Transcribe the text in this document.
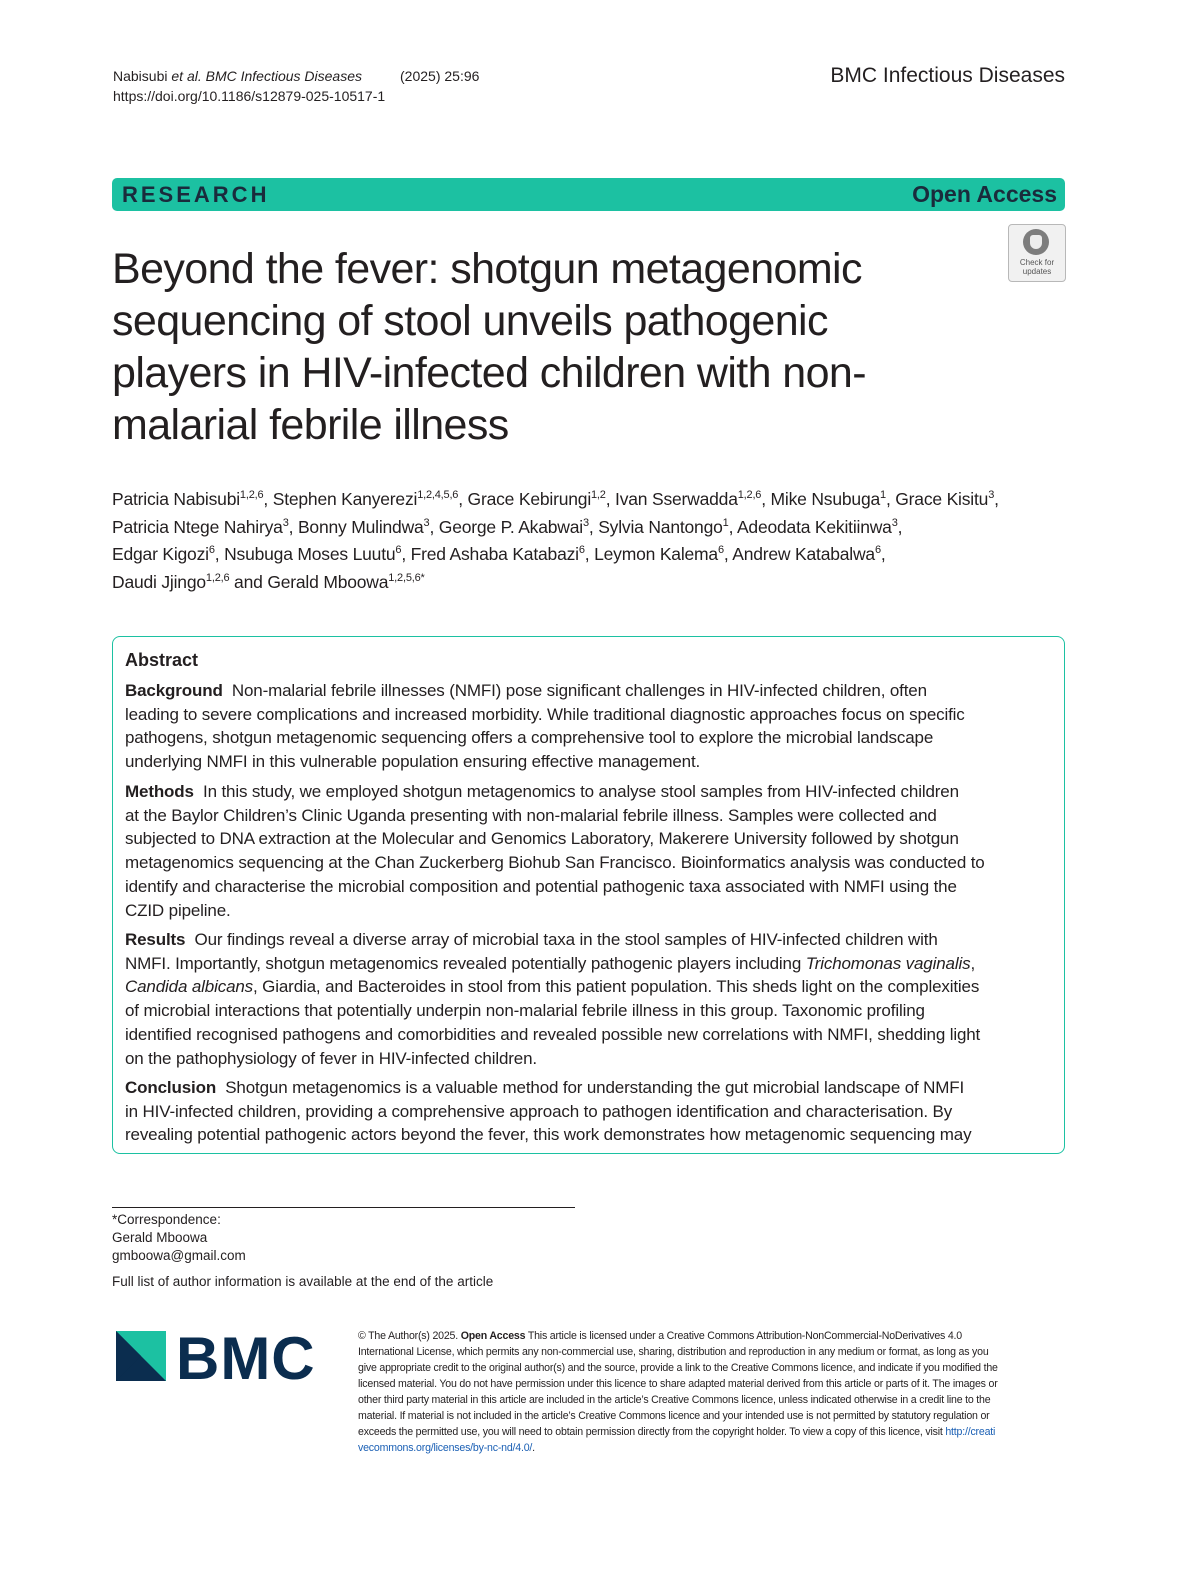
Nabisubi et al. BMC Infectious Diseases	(2025) 25:96
https://doi.org/10.1186/s12879-025-10517-1
BMC Infectious Diseases
RESEARCH	Open Access
Beyond the fever: shotgun metagenomic
sequencing of stool unveils pathogenic
players in HIV-infected children with non-
malarial febrile illness
Check for
updates
Patricia Nabisubi$^{1,2,6}$, Stephen Kanyerezi$^{1,2,4,5,6}$, Grace Kebirungi$^{1,2}$, Ivan Sserwadda$^{1,2,6}$, Mike Nsubuga$^1$, Grace Kisitu$^3$,
Patricia Ntege Nahirya$^3$, Bonny Mulindwa$^3$, George P. Akabwai$^3$, Sylvia Nantongo$^1$, Adeodata Kekitiinwa$^3$,
Edgar Kigozi$^6$, Nsubuga Moses Luutu$^6$, Fred Ashaba Katabazi$^6$, Leymon Kalema$^6$, Andrew Katabalwa$^6$,
Daudi Jjingo$^{1,2,6}$ and Gerald Mboowa$^{1,2,5,6*}$
Abstract
Background Non-malarial febrile illnesses (NMFI) pose significant challenges in HIV-infected children, often
leading to severe complications and increased morbidity. While traditional diagnostic approaches focus on specific
pathogens, shotgun metagenomic sequencing offers a comprehensive tool to explore the microbial landscape
underlying NMFI in this vulnerable population ensuring effective management.
Methods In this study, we employed shotgun metagenomics to analyse stool samples from HIV-infected children
at the Baylor Children’s Clinic Uganda presenting with non-malarial febrile illness. Samples were collected and
subjected to DNA extraction at the Molecular and Genomics Laboratory, Makerere University followed by shotgun
metagenomics sequencing at the Chan Zuckerberg Biohub San Francisco. Bioinformatics analysis was conducted to
identify and characterise the microbial composition and potential pathogenic taxa associated with NMFI using the
CZID pipeline.
Results Our findings reveal a diverse array of microbial taxa in the stool samples of HIV-infected children with
NMFI. Importantly, shotgun metagenomics revealed potentially pathogenic players including Trichomonas vaginalis,
Candida albicans, Giardia, and Bacteroides in stool from this patient population. This sheds light on the complexities
of microbial interactions that potentially underpin non-malarial febrile illness in this group. Taxonomic profiling
identified recognised pathogens and comorbidities and revealed possible new correlations with NMFI, shedding light
on the pathophysiology of fever in HIV-infected children.
Conclusion Shotgun metagenomics is a valuable method for understanding the gut microbial landscape of NMFI
in HIV-infected children, providing a comprehensive approach to pathogen identification and characterisation. By
revealing potential pathogenic actors beyond the fever, this work demonstrates how metagenomic sequencing may
*Correspondence:
Gerald Mboowa
gmboowa@gmail.com
Full list of author information is available at the end of the article
BMC	© The Author(s) 2025. Open Access This article is licensed under a Creative Commons Attribution-NonCommercial-NoDerivatives 4.0
International License, which permits any non-commercial use, sharing, distribution and reproduction in any medium or format, as long as you
give appropriate credit to the original author(s) and the source, provide a link to the Creative Commons licence, and indicate if you modified the
licensed material. You do not have permission under this licence to share adapted material derived from this article or parts of it. The images or
other third party material in this article are included in the article’s Creative Commons licence, unless indicated otherwise in a credit line to the
material. If material is not included in the article’s Creative Commons licence and your intended use is not permitted by statutory regulation or
exceeds the permitted use, you will need to obtain permission directly from the copyright holder. To view a copy of this licence, visit http://creati
vecommons.org/licenses/by-nc-nd/4.0/.
